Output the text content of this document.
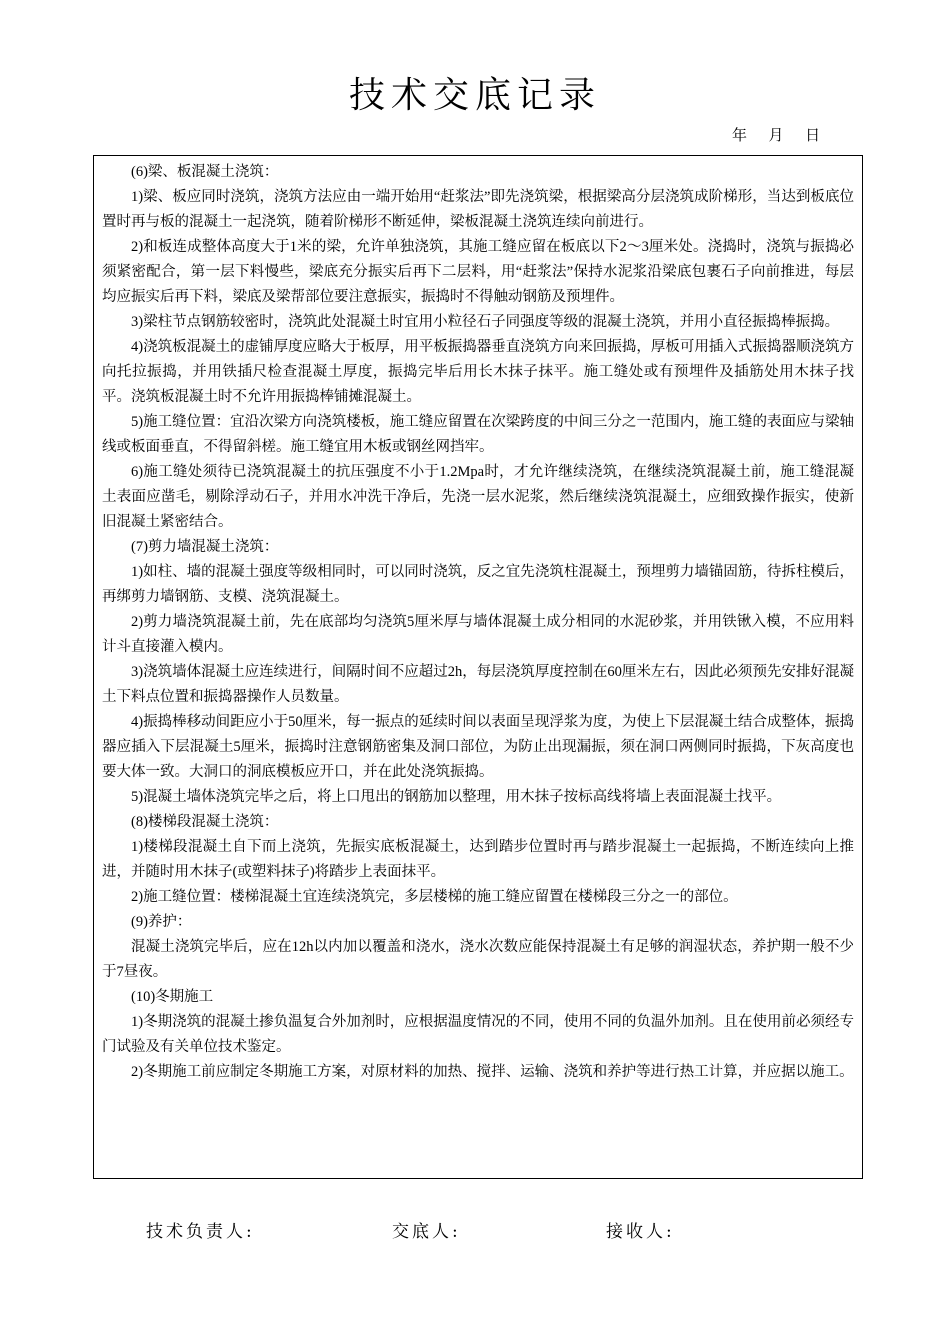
技术交底记录
年  月  日

(6)梁、板混凝土浇筑：

1)梁、板应同时浇筑，浇筑方法应由一端开始用“赶浆法”即先浇筑梁，根据梁高分层浇筑成阶梯形，当达到板底位置时再与板的混凝土一起浇筑，随着阶梯形不断延伸，梁板混凝土浇筑连续向前进行。

2)和板连成整体高度大于1米的梁，允许单独浇筑，其施工缝应留在板底以下2～3厘米处。浇捣时，浇筑与振捣必须紧密配合，第一层下料慢些，梁底充分振实后再下二层料，用“赶浆法”保持水泥浆沿梁底包裹石子向前推进，每层均应振实后再下料，梁底及梁帮部位要注意振实，振捣时不得触动钢筋及预埋件。

3)梁柱节点钢筋较密时，浇筑此处混凝土时宜用小粒径石子同强度等级的混凝土浇筑，并用小直径振捣棒振捣。

4)浇筑板混凝土的虚铺厚度应略大于板厚，用平板振捣器垂直浇筑方向来回振捣，厚板可用插入式振捣器顺浇筑方向托拉振捣，并用铁插尺检查混凝土厚度，振捣完毕后用长木抹子抹平。施工缝处或有预埋件及插筋处用木抹子找平。浇筑板混凝土时不允许用振捣棒铺摊混凝土。

5)施工缝位置：宜沿次梁方向浇筑楼板，施工缝应留置在次梁跨度的中间三分之一范围内，施工缝的表面应与梁轴线或板面垂直，不得留斜槎。施工缝宜用木板或钢丝网挡牢。

6)施工缝处须待已浇筑混凝土的抗压强度不小于1.2Mpa时，才允许继续浇筑，在继续浇筑混凝土前，施工缝混凝土表面应凿毛，剔除浮动石子，并用水冲洗干净后，先浇一层水泥浆，然后继续浇筑混凝土，应细致操作振实，使新旧混凝土紧密结合。

(7)剪力墙混凝土浇筑：

1)如柱、墙的混凝土强度等级相同时，可以同时浇筑，反之宜先浇筑柱混凝土，预埋剪力墙锚固筋，待拆柱模后，再绑剪力墙钢筋、支模、浇筑混凝土。

2)剪力墙浇筑混凝土前，先在底部均匀浇筑5厘米厚与墙体混凝土成分相同的水泥砂浆，并用铁锹入模，不应用料计斗直接灌入模内。

3)浇筑墙体混凝土应连续进行，间隔时间不应超过2h，每层浇筑厚度控制在60厘米左右，因此必须预先安排好混凝土下料点位置和振捣器操作人员数量。

4)振捣棒移动间距应小于50厘米，每一振点的延续时间以表面呈现浮浆为度，为使上下层混凝土结合成整体，振捣器应插入下层混凝土5厘米，振捣时注意钢筋密集及洞口部位，为防止出现漏振，须在洞口两侧同时振捣，下灰高度也要大体一致。大洞口的洞底模板应开口，并在此处浇筑振捣。

5)混凝土墙体浇筑完毕之后，将上口甩出的钢筋加以整理，用木抹子按标高线将墙上表面混凝土找平。

(8)楼梯段混凝土浇筑：

1)楼梯段混凝土自下而上浇筑，先振实底板混凝土，达到踏步位置时再与踏步混凝土一起振捣，不断连续向上推进，并随时用木抹子(或塑料抹子)将踏步上表面抹平。

2)施工缝位置：楼梯混凝土宜连续浇筑完，多层楼梯的施工缝应留置在楼梯段三分之一的部位。

(9)养护：

混凝土浇筑完毕后，应在12h以内加以覆盖和浇水，浇水次数应能保持混凝土有足够的润湿状态，养护期一般不少于7昼夜。

(10)冬期施工

1)冬期浇筑的混凝土掺负温复合外加剂时，应根据温度情况的不同，使用不同的负温外加剂。且在使用前必须经专门试验及有关单位技术鉴定。

2)冬期施工前应制定冬期施工方案，对原材料的加热、搅拌、运输、浇筑和养护等进行热工计算，并应据以施工。

技术负责人:	交底人:	接收人:
